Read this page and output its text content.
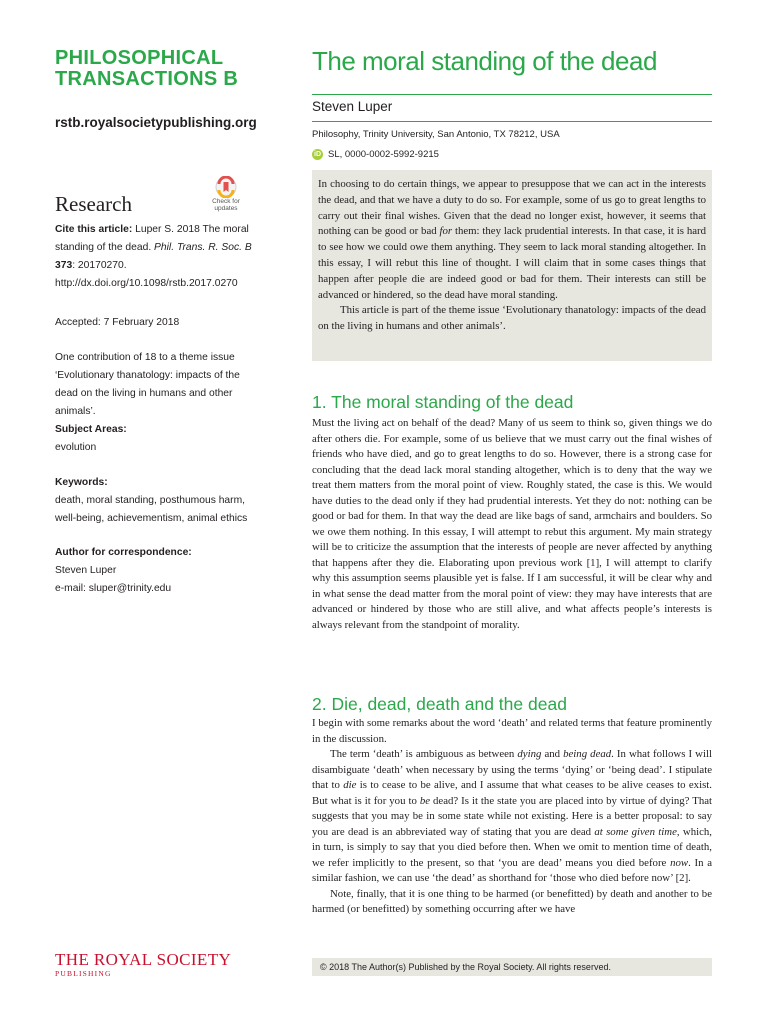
PHILOSOPHICAL
TRANSACTIONS B
rstb.royalsocietypublishing.org
Research	Check for
updates
Cite this article: Luper S. 2018 The moral standing of the dead. Phil. Trans. R. Soc. B
373: 20170270.
http://dx.doi.org/10.1098/rstb.2017.0270
Accepted: 7 February 2018
One contribution of 18 to a theme issue ‘Evolutionary thanatology: impacts of the dead on the living in humans and other animals’.
Subject Areas:
evolution
Keywords:
death, moral standing, posthumous harm, well-being, achievementism, animal ethics
Author for correspondence:
Steven Luper
e-mail: sluper@trinity.edu
THE ROYAL SOCIETY
PUBLISHING
The moral standing of the dead
Steven Luper
Philosophy, Trinity University, San Antonio, TX 78212, USA
iD SL, 0000-0002-5992-9215

In choosing to do certain things, we appear to presuppose that we can act in the interests the dead, and that we have a duty to do so. For example, some of us go to great lengths to carry out their final wishes. Given that the dead no longer exist, however, it seems that nothing can be good or bad for them: they lack prudential interests. In that case, it is hard to see how we could owe them anything. They seem to lack moral standing altogether. In this essay, I will rebut this line of thought. I will claim that in some cases things that happen after people die are indeed good or bad for them. Their interests can still be advanced or hindered, so the dead have moral standing.

This article is part of the theme issue ‘Evolutionary thanatology: impacts of the dead on the living in humans and other animals’.

1. The moral standing of the dead

Must the living act on behalf of the dead? Many of us seem to think so, given things we do after others die. For example, some of us believe that we must carry out the final wishes of friends who have died, and go to great lengths to do so. However, there is a strong case for concluding that the dead lack moral standing altogether, which is to deny that the way we treat them matters from the moral point of view. Roughly stated, the case is this. We would have duties to the dead only if they had prudential interests. Yet they do not: nothing can be good or bad for them. In that way the dead are like bags of sand, armchairs and boulders. So we owe them nothing. In this essay, I will attempt to rebut this argument. My main strategy will be to criticize the assumption that the interests of people are never affected by anything that happens after they die. Elaborating upon previous work [1], I will attempt to clarify why this assumption seems plausible yet is false. If I am successful, it will be clear why and in what sense the dead matter from the moral point of view: they may have interests that are advanced or hindered by those who are still alive, and what affects people’s interests is always relevant from the standpoint of morality.

2. Die, dead, death and the dead

I begin with some remarks about the word ‘death’ and related terms that feature prominently in the discussion.

The term ‘death’ is ambiguous as between dying and being dead. In what follows I will disambiguate ‘death’ when necessary by using the terms ‘dying’ or ‘being dead’. I stipulate that to die is to cease to be alive, and I assume that what ceases to be alive ceases to exist. But what is it for you to be dead? Is it the state you are placed into by virtue of dying? That suggests that you may be in some state while not existing. Here is a better proposal: to say you are dead is an abbreviated way of stating that you are dead at some given time, which, in turn, is simply to say that you died before then. When we omit to mention time of death, we refer implicitly to the present, so that ‘you are dead’ means you died before now. In a similar fashion, we can use ‘the dead’ as shorthand for ‘those who died before now’ [2].

Note, finally, that it is one thing to be harmed (or benefitted) by death and another to be harmed (or benefitted) by something occurring after we have

© 2018 The Author(s) Published by the Royal Society. All rights reserved.
